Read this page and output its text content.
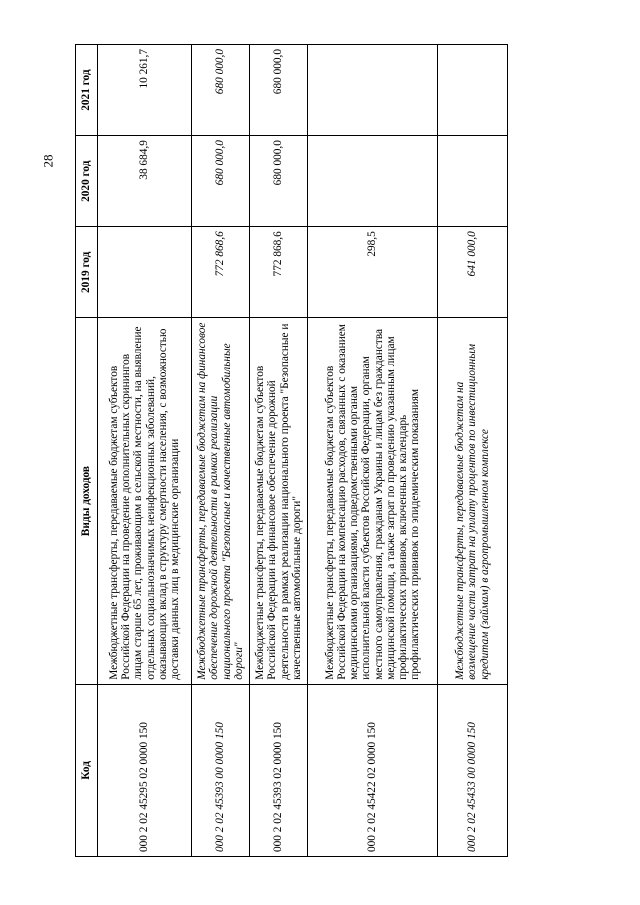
28
Код	Виды доходов	2019 год	2020 год	2021 год
000 2 02 45295 02 0000 150	Межбюджетные трансферты, передаваемые бюджетам субъектов Российской Федерации на проведение дополнительных скринингов лицам старше 65 лет, проживающим в сельской местности, на выявление отдельных социальнозначимых неинфекционных заболеваний, оказывающих вклад в структуру смертности населения, с возможностью доставки данных лиц в медицинские организации		38 684,9	10 261,7
000 2 02 45393 00 0000 150	Межбюджетные трансферты, передаваемые бюджетам на финансовое обеспечение дорожной деятельности в рамках реализации национального проекта "Безопасные и качественные автомобильные дороги"	772 868,6	680 000,0	680 000,0
000 2 02 45393 02 0000 150	Межбюджетные трансферты, передаваемые бюджетам субъектов Российской Федерации на финансовое обеспечение дорожной деятельности в рамках реализации национального проекта "Безопасные и качественные автомобильные дороги"	772 868,6	680 000,0	680 000,0
000 2 02 45422 02 0000 150	Межбюджетные трансферты, передаваемые бюджетам субъектов Российской Федерации на компенсацию расходов, связанных с оказанием медицинскими организациями, подведомственными органам исполнительной власти субъектов Российской Федерации, органам местного самоуправления, гражданам Украины и лицам без гражданства медицинской помощи, а также затрат по проведению указанным лицам профилактических прививок, включенных в календарь профилактических прививок по эпидемическим показаниям	298,5		
000 2 02 45433 00 0000 150	Межбюджетные трансферты, передаваемые бюджетам на возмещение части затрат на уплату процентов по инвестиционным кредитам (займам) в агропромышленном комплексе	641 000,0		
